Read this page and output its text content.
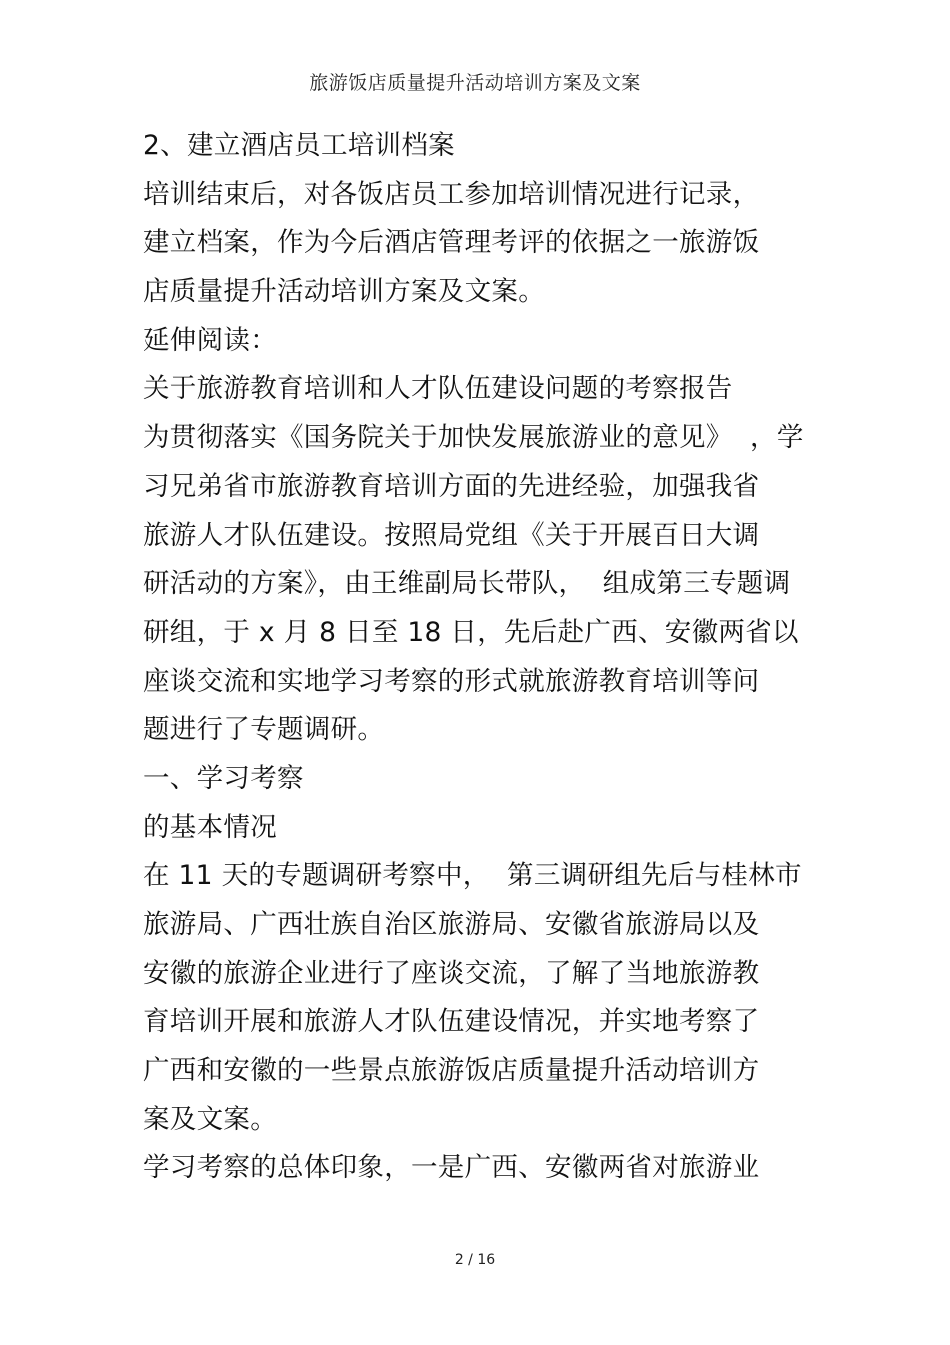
旅游饭店质量提升活动培训方案及文案
2、建立酒店员工培训档案
培训结束后，对各饭店员工参加培训情况进行记录，
建立档案，作为今后酒店管理考评的依据之一旅游饭
店质量提升活动培训方案及文案。
延伸阅读：
关于旅游教育培训和人才队伍建设问题的考察报告
为贯彻落实《国务院关于加快发展旅游业的意见》  ，学
习兄弟省市旅游教育培训方面的先进经验，加强我省
旅游人才队伍建设。按照局党组《关于开展百日大调
研活动的方案》，由王维副局长带队，  组成第三专题调
研组，于 x 月 8 日至 18 日，先后赴广西、安徽两省以
座谈交流和实地学习考察的形式就旅游教育培训等问
题进行了专题调研。
一、学习考察
的基本情况
在 11 天的专题调研考察中，  第三调研组先后与桂林市
旅游局、广西壮族自治区旅游局、安徽省旅游局以及
安徽的旅游企业进行了座谈交流，了解了当地旅游教
育培训开展和旅游人才队伍建设情况，并实地考察了
广西和安徽的一些景点旅游饭店质量提升活动培训方
案及文案。
学习考察的总体印象，一是广西、安徽两省对旅游业
2 / 16
